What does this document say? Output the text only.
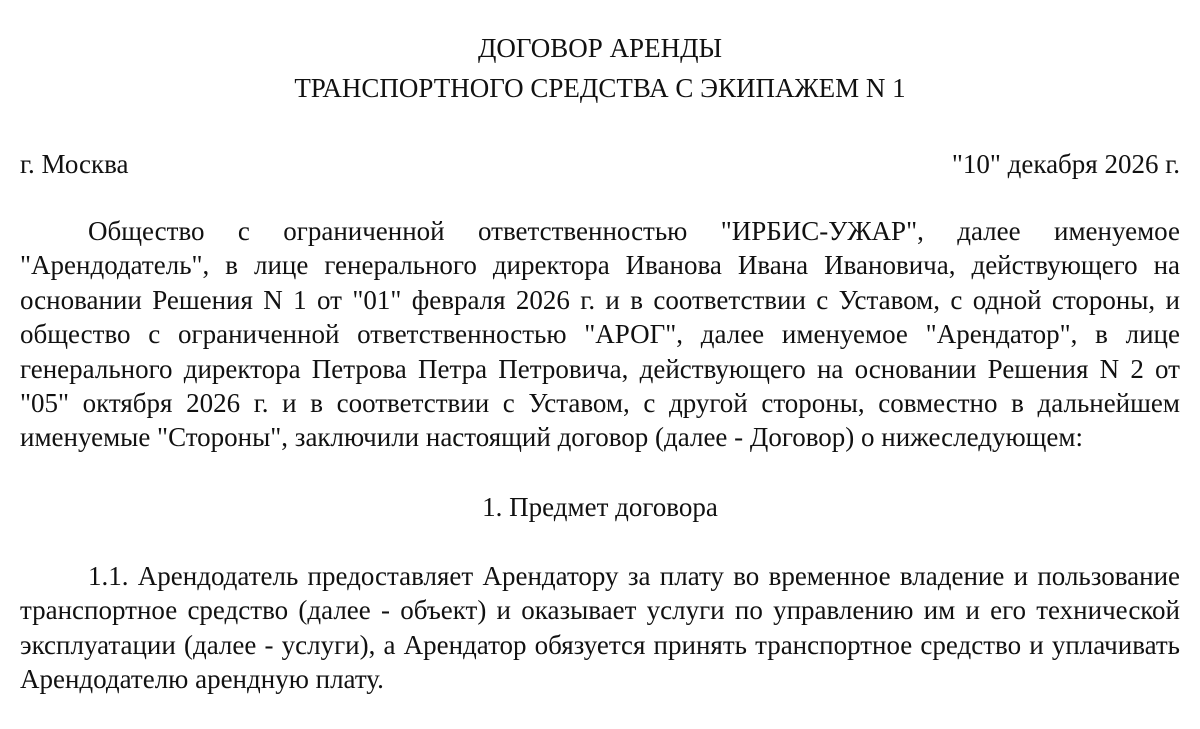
ДОГОВОР АРЕНДЫ
ТРАНСПОРТНОГО СРЕДСТВА С ЭКИПАЖЕМ N 1
г. Москва	"10" декабря 2026 г.

Общество с ограниченной ответственностью "ИРБИС-УЖАР", далее именуемое "Арендодатель", в лице генерального директора Иванова Ивана Ивановича, действующего на основании Решения N 1 от "01" февраля 2026 г. и в соответствии с Уставом, с одной стороны, и общество с ограниченной ответственностью "АРОГ", далее именуемое "Арендатор", в лице генерального директора Петрова Петра Петровича, действующего на основании Решения N 2 от "05" октября 2026 г. и в соответствии с Уставом, с другой стороны, совместно в дальнейшем именуемые "Стороны", заключили настоящий договор (далее - Договор) о нижеследующем:

1. Предмет договора

1.1. Арендодатель предоставляет Арендатору за плату во временное владение и пользование транспортное средство (далее - объект) и оказывает услуги по управлению им и его технической эксплуатации (далее - услуги), а Арендатор обязуется принять транспортное средство и уплачивать Арендодателю арендную плату.
